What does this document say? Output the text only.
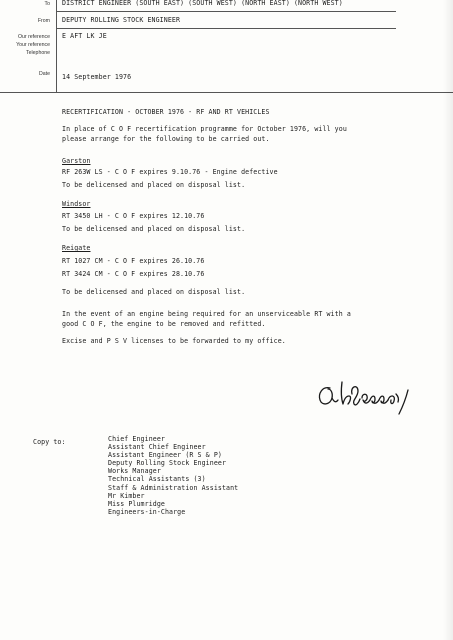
To
From
Our reference
Your reference
Telephone
Date
DISTRICT ENGINEER (SOUTH EAST) (SOUTH WEST) (NORTH EAST) (NORTH WEST)
DEPUTY ROLLING STOCK ENGINEER
E AFT LK JE
14 September 1976
RECERTIFICATION - OCTOBER 1976 - RF AND RT VEHICLES
In place of C O F recertification programme for October 1976, will you
please arrange for the following to be carried out.
Garston
RF 263W LS - C O F expires 9.10.76 - Engine defective
To be delicensed and placed on disposal list.
Windsor
RT 3450 LH - C O F expires 12.10.76
To be delicensed and placed on disposal list.
Reigate
RT 1027 CM - C O F expires 26.10.76
RT 3424 CM - C O F expires 28.10.76
To be delicensed and placed on disposal list.
In the event of an engine being required for an unserviceable RT with a
good C O F, the engine to be removed and refitted.
Excise and P S V licenses to be forwarded to my office.
Copy to:	Chief Engineer
Assistant Chief Engineer
Assistant Engineer (R S & P)
Deputy Rolling Stock Engineer
Works Manager
Technical Assistants (3)
Staff & Administration Assistant
Mr Kimber
Miss Plumridge
Engineers-in-Charge
